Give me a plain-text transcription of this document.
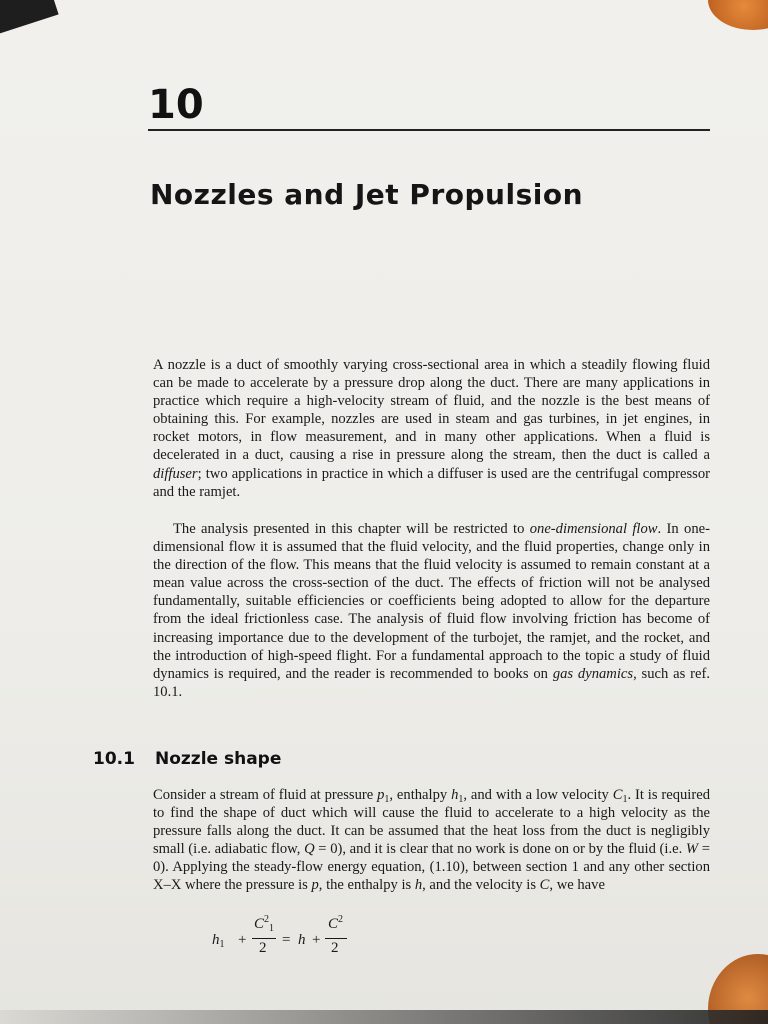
10
Nozzles and Jet Propulsion
A nozzle is a duct of smoothly varying cross-sectional area in which a steadily flowing fluid can be made to accelerate by a pressure drop along the duct. There are many applications in practice which require a high-velocity stream of fluid, and the nozzle is the best means of obtaining this. For example, nozzles are used in steam and gas turbines, in jet engines, in rocket motors, in flow measurement, and in many other applications. When a fluid is decelerated in a duct, causing a rise in pressure along the stream, then the duct is called a diffuser; two applications in practice in which a diffuser is used are the centrifugal compressor and the ramjet.
The analysis presented in this chapter will be restricted to one-dimensional flow. In one-dimensional flow it is assumed that the fluid velocity, and the fluid properties, change only in the direction of the flow. This means that the fluid velocity is assumed to remain constant at a mean value across the cross-section of the duct. The effects of friction will not be analysed fundamentally, suitable efficiencies or coefficients being adopted to allow for the departure from the ideal frictionless case. The analysis of fluid flow involving friction has become of increasing importance due to the development of the turbojet, the ramjet, and the rocket, and the introduction of high-speed flight. For a fundamental approach to the topic a study of fluid dynamics is required, and the reader is recommended to books on gas dynamics, such as ref. 10.1.
10.1 Nozzle shape
Consider a stream of fluid at pressure $p_1$, enthalpy $h_1$, and with a low velocity $C_1$. It is required to find the shape of duct which will cause the fluid to accelerate to a high velocity as the pressure falls along the duct. It can be assumed that the heat loss from the duct is negligibly small (i.e. adiabatic flow, Q = 0), and it is clear that no work is done on or by the fluid (i.e. W = 0). Applying the steady-flow energy equation, (1.10), between section 1 and any other section X–X where the pressure is p, the enthalpy is h, and the velocity is C, we have
$h_1$ +
$C^2_1$
2 = h +
$C^2$
2
